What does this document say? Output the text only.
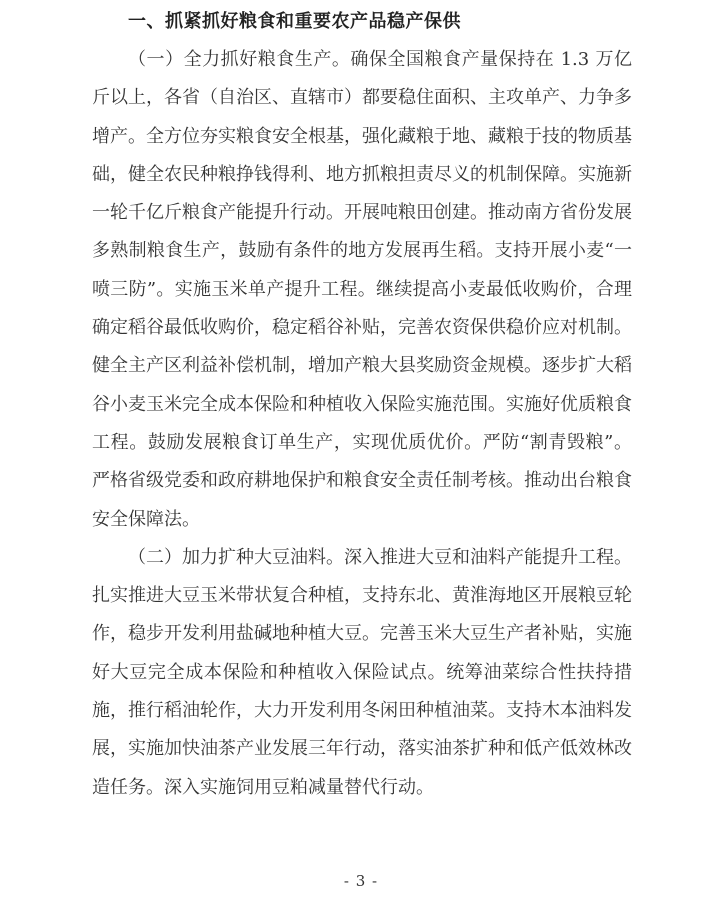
一、抓紧抓好粮食和重要农产品稳产保供

（一）全力抓好粮食生产。确保全国粮食产量保持在 1.3 万亿斤以上，各省（自治区、直辖市）都要稳住面积、主攻单产、力争多增产。全方位夯实粮食安全根基，强化藏粮于地、藏粮于技的物质基础，健全农民种粮挣钱得利、地方抓粮担责尽义的机制保障。实施新一轮千亿斤粮食产能提升行动。开展吨粮田创建。推动南方省份发展多熟制粮食生产，鼓励有条件的地方发展再生稻。支持开展小麦“一喷三防”。实施玉米单产提升工程。继续提高小麦最低收购价，合理确定稻谷最低收购价，稳定稻谷补贴，完善农资保供稳价应对机制。健全主产区利益补偿机制，增加产粮大县奖励资金规模。逐步扩大稻谷小麦玉米完全成本保险和种植收入保险实施范围。实施好优质粮食工程。鼓励发展粮食订单生产，实现优质优价。严防“割青毁粮”。严格省级党委和政府耕地保护和粮食安全责任制考核。推动出台粮食安全保障法。

（二）加力扩种大豆油料。深入推进大豆和油料产能提升工程。扎实推进大豆玉米带状复合种植，支持东北、黄淮海地区开展粮豆轮作，稳步开发利用盐碱地种植大豆。完善玉米大豆生产者补贴，实施好大豆完全成本保险和种植收入保险试点。统筹油菜综合性扶持措施，推行稻油轮作，大力开发利用冬闲田种植油菜。支持木本油料发展，实施加快油茶产业发展三年行动，落实油茶扩种和低产低效林改造任务。深入实施饲用豆粕减量替代行动。

- 3 -
